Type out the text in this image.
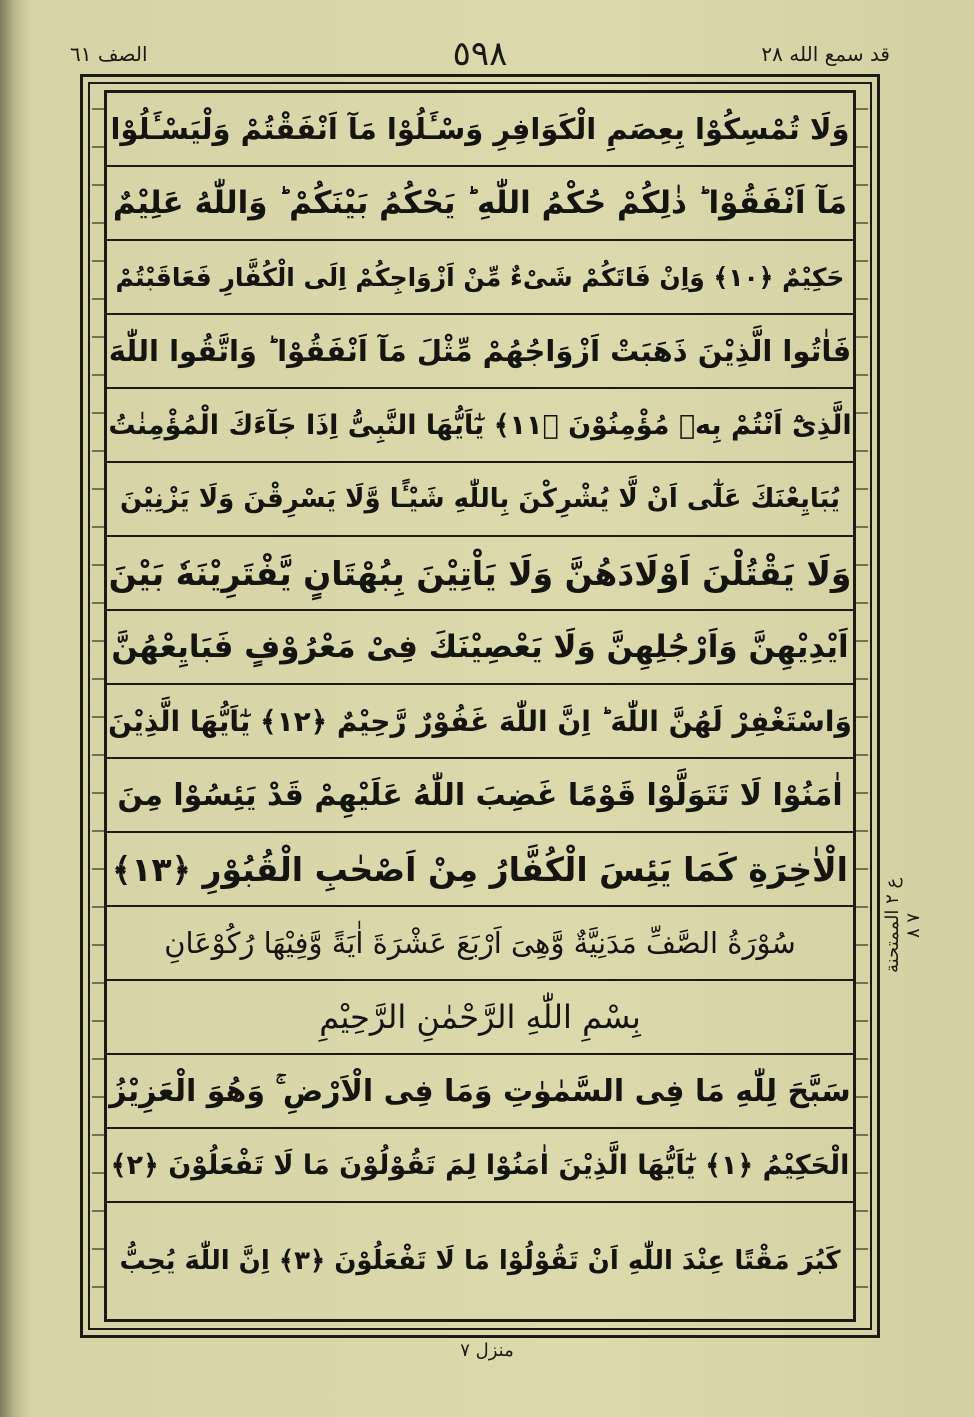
قد سمع الله ٢٨
٥٩٨
الصف ٦١
وَلَا تُمْسِكُوْا بِعِصَمِ الْكَوَافِرِ وَسْـَٔلُوْا مَآ اَنْفَقْتُمْ وَلْيَسْـَٔلُوْا
مَآ اَنْفَقُوْا ؕ ذٰلِكُمْ حُكْمُ اللّٰهِ ؕ يَحْكُمُ بَيْنَكُمْ ؕ وَاللّٰهُ عَلِيْمٌ
حَكِيْمٌ ﴿١٠﴾ وَاِنْ فَاتَكُمْ شَىْءٌ مِّنْ اَزْوَاجِكُمْ اِلَى الْكُفَّارِ فَعَاقَبْتُمْ
فَاٰتُوا الَّذِيْنَ ذَهَبَتْ اَزْوَاجُهُمْ مِّثْلَ مَآ اَنْفَقُوْا ؕ وَاتَّقُوا اللّٰهَ
الَّذِىْٓ اَنْتُمْ بِهٖ مُؤْمِنُوْنَ ﴿١١﴾ يٰٓاَيُّهَا النَّبِىُّ اِذَا جَآءَكَ الْمُؤْمِنٰتُ
يُبَايِعْنَكَ عَلٰٓى اَنْ لَّا يُشْرِكْنَ بِاللّٰهِ شَيْـًٔا وَّلَا يَسْرِقْنَ وَلَا يَزْنِيْنَ
وَلَا يَقْتُلْنَ اَوْلَادَهُنَّ وَلَا يَاْتِيْنَ بِبُهْتَانٍ يَّفْتَرِيْنَهٗ بَيْنَ
اَيْدِيْهِنَّ وَاَرْجُلِهِنَّ وَلَا يَعْصِيْنَكَ فِىْ مَعْرُوْفٍ فَبَايِعْهُنَّ
وَاسْتَغْفِرْ لَهُنَّ اللّٰهَ ؕ اِنَّ اللّٰهَ غَفُوْرٌ رَّحِيْمٌ ﴿١٢﴾ يٰٓاَيُّهَا الَّذِيْنَ
اٰمَنُوْا لَا تَتَوَلَّوْا قَوْمًا غَضِبَ اللّٰهُ عَلَيْهِمْ قَدْ يَئِسُوْا مِنَ
الْاٰخِرَةِ كَمَا يَئِسَ الْكُفَّارُ مِنْ اَصْحٰبِ الْقُبُوْرِ ﴿١٣﴾
سُوْرَةُ الصَّفِّ مَدَنِيَّةٌ وَّهِىَ اَرْبَعَ عَشْرَةَ اٰيَةً وَّفِيْهَا رُكُوْعَانِ
بِسْمِ اللّٰهِ الرَّحْمٰنِ الرَّحِيْمِ
سَبَّحَ لِلّٰهِ مَا فِى السَّمٰوٰتِ وَمَا فِى الْاَرْضِ ۚ وَهُوَ الْعَزِيْزُ
الْحَكِيْمُ ﴿١﴾ يٰٓاَيُّهَا الَّذِيْنَ اٰمَنُوْا لِمَ تَقُوْلُوْنَ مَا لَا تَفْعَلُوْنَ ﴿٢﴾
كَبُرَ مَقْتًا عِنْدَ اللّٰهِ اَنْ تَقُوْلُوْا مَا لَا تَفْعَلُوْنَ ﴿٣﴾ اِنَّ اللّٰهَ يُحِبُّ
ع ٢ الممتحنة ٧ ٨
منزل ٧
